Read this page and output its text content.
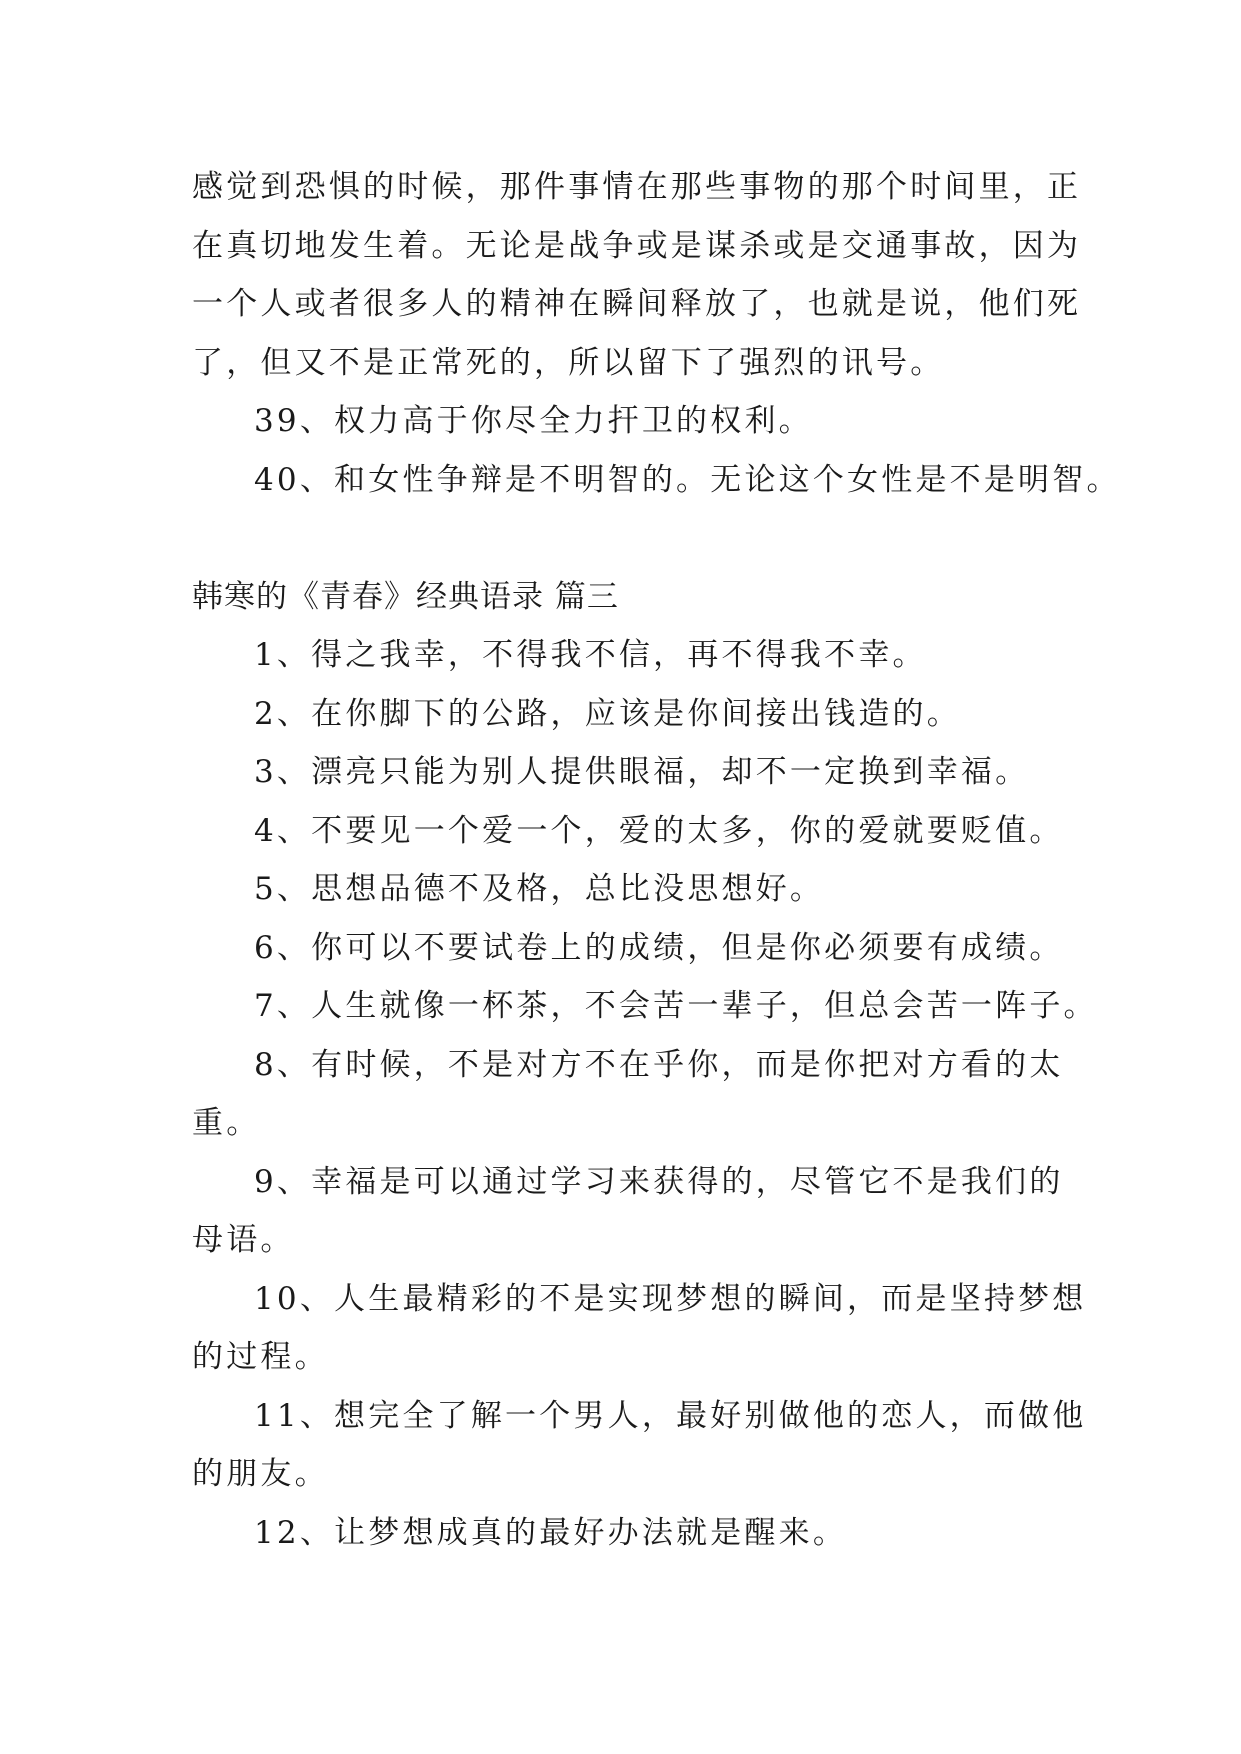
感觉到恐惧的时候，那件事情在那些事物的那个时间里，正
在真切地发生着。无论是战争或是谋杀或是交通事故，因为
一个人或者很多人的精神在瞬间释放了，也就是说，他们死
了，但又不是正常死的，所以留下了强烈的讯号。
39、权力高于你尽全力扞卫的权利。
40、和女性争辩是不明智的。无论这个女性是不是明智。
韩寒的《青春》经典语录 篇三
1、得之我幸，不得我不信，再不得我不幸。
2、在你脚下的公路，应该是你间接出钱造的。
3、漂亮只能为别人提供眼福，却不一定换到幸福。
4、不要见一个爱一个，爱的太多，你的爱就要贬值。
5、思想品德不及格，总比没思想好。
6、你可以不要试卷上的成绩，但是你必须要有成绩。
7、人生就像一杯茶，不会苦一辈子，但总会苦一阵子。
8、有时候，不是对方不在乎你，而是你把对方看的太
重。
9、幸福是可以通过学习来获得的，尽管它不是我们的
母语。
10、人生最精彩的不是实现梦想的瞬间，而是坚持梦想
的过程。
11、想完全了解一个男人，最好别做他的恋人，而做他
的朋友。
12、让梦想成真的最好办法就是醒来。
